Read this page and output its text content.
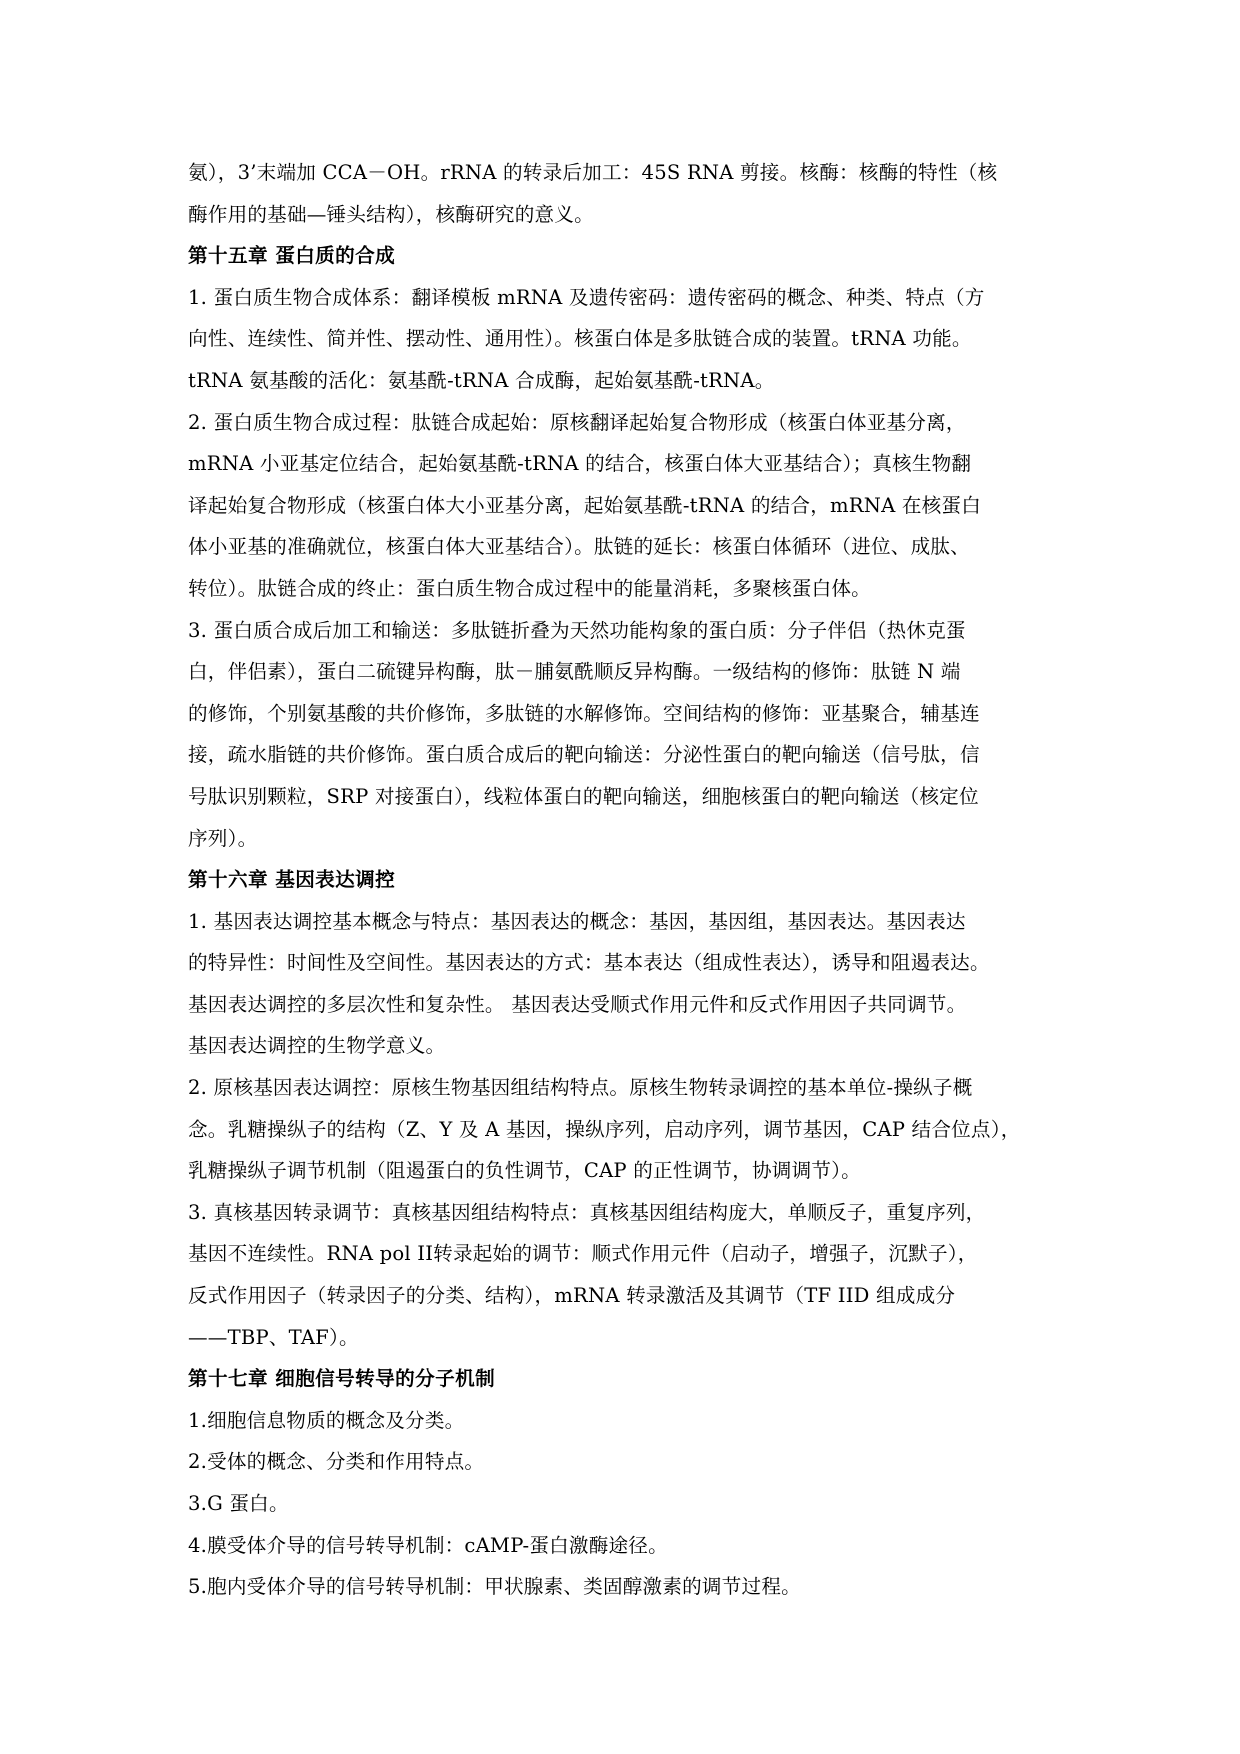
氨），3’末端加 CCA－OH。rRNA 的转录后加工：45S RNA 剪接。核酶：核酶的特性（核
酶作用的基础—锤头结构），核酶研究的意义。
第十五章 蛋白质的合成
1. 蛋白质生物合成体系：翻译模板 mRNA 及遗传密码：遗传密码的概念、种类、特点（方
向性、连续性、简并性、摆动性、通用性）。核蛋白体是多肽链合成的装置。tRNA 功能。
tRNA 氨基酸的活化：氨基酰-tRNA 合成酶，起始氨基酰-tRNA。
2. 蛋白质生物合成过程：肽链合成起始：原核翻译起始复合物形成（核蛋白体亚基分离，
mRNA 小亚基定位结合，起始氨基酰-tRNA 的结合，核蛋白体大亚基结合）；真核生物翻
译起始复合物形成（核蛋白体大小亚基分离，起始氨基酰-tRNA 的结合，mRNA 在核蛋白
体小亚基的准确就位，核蛋白体大亚基结合）。肽链的延长：核蛋白体循环（进位、成肽、
转位）。肽链合成的终止：蛋白质生物合成过程中的能量消耗，多聚核蛋白体。
3. 蛋白质合成后加工和输送：多肽链折叠为天然功能构象的蛋白质：分子伴侣（热休克蛋
白，伴侣素），蛋白二硫键异构酶，肽－脯氨酰顺反异构酶。一级结构的修饰：肽链 N 端
的修饰，个别氨基酸的共价修饰，多肽链的水解修饰。空间结构的修饰：亚基聚合，辅基连
接，疏水脂链的共价修饰。蛋白质合成后的靶向输送：分泌性蛋白的靶向输送（信号肽，信
号肽识别颗粒，SRP 对接蛋白），线粒体蛋白的靶向输送，细胞核蛋白的靶向输送（核定位
序列）。
第十六章 基因表达调控
1. 基因表达调控基本概念与特点：基因表达的概念：基因，基因组，基因表达。基因表达
的特异性：时间性及空间性。基因表达的方式：基本表达（组成性表达），诱导和阻遏表达。
基因表达调控的多层次性和复杂性。 基因表达受顺式作用元件和反式作用因子共同调节。
基因表达调控的生物学意义。
2. 原核基因表达调控：原核生物基因组结构特点。原核生物转录调控的基本单位-操纵子概
念。乳糖操纵子的结构（Z、Y 及 A 基因，操纵序列，启动序列，调节基因，CAP 结合位点），
乳糖操纵子调节机制（阻遏蛋白的负性调节，CAP 的正性调节，协调调节）。
3. 真核基因转录调节：真核基因组结构特点：真核基因组结构庞大，单顺反子，重复序列，
基因不连续性。RNA pol II转录起始的调节：顺式作用元件（启动子，增强子，沉默子），
反式作用因子（转录因子的分类、结构），mRNA 转录激活及其调节（TF IID 组成成分
——TBP、TAF）。
第十七章 细胞信号转导的分子机制
1.细胞信息物质的概念及分类。
2.受体的概念、分类和作用特点。
3.G 蛋白。
4.膜受体介导的信号转导机制：cAMP-蛋白激酶途径。
5.胞内受体介导的信号转导机制：甲状腺素、类固醇激素的调节过程。
